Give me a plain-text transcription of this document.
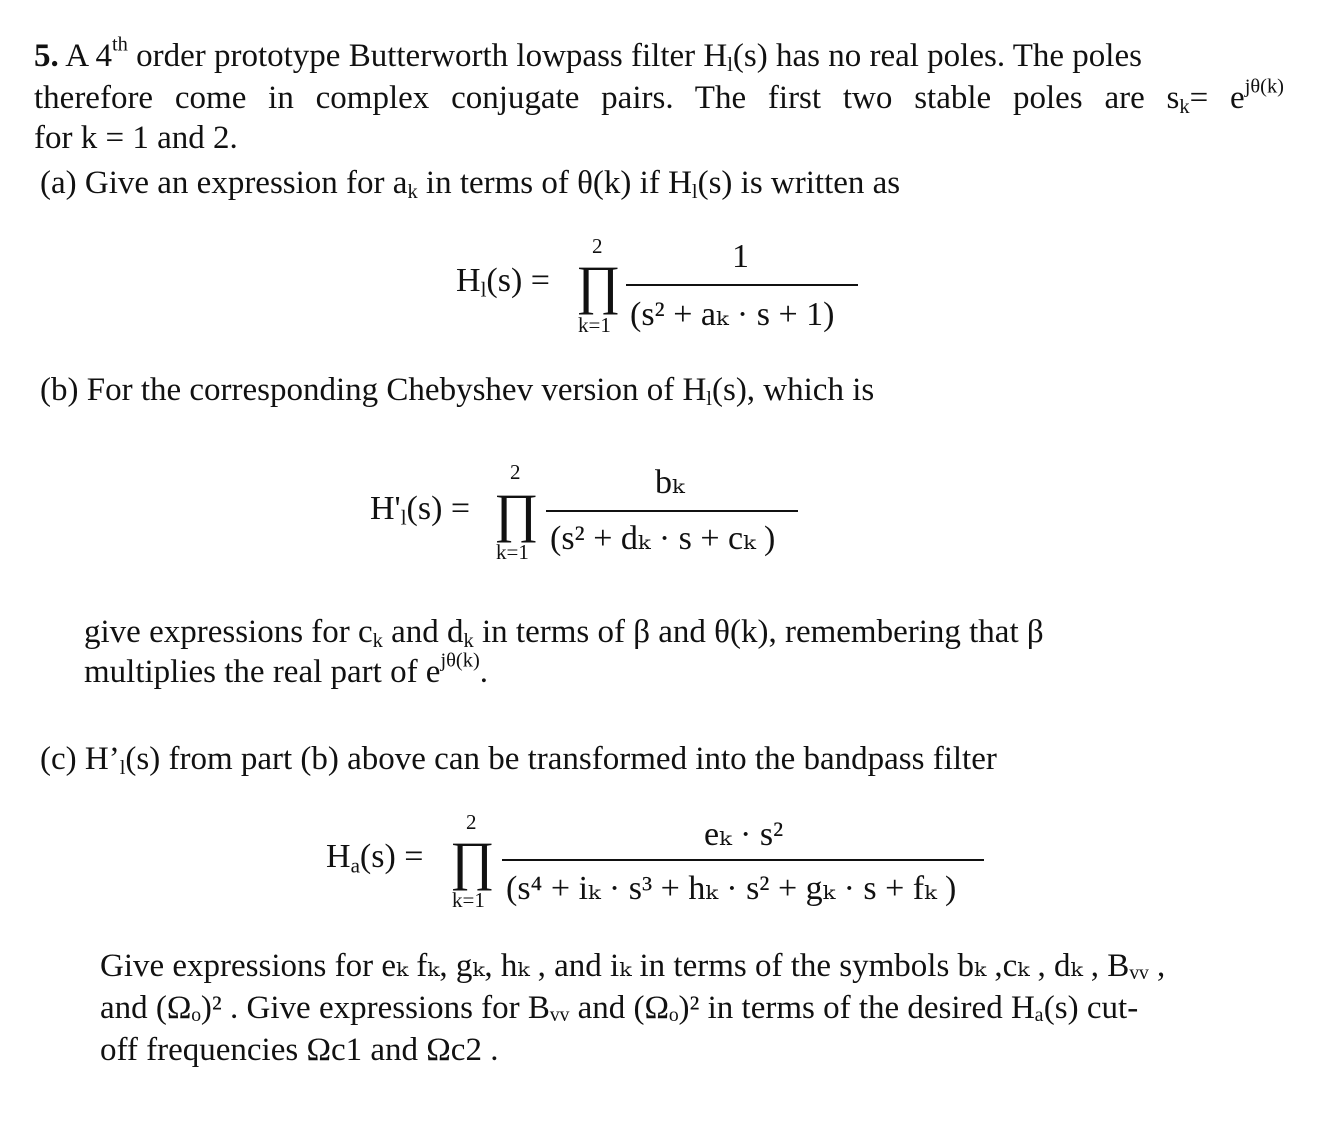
5. A 4th order prototype Butterworth lowpass filter $H_l(s)$ has no real poles. The poles
therefore come in complex conjugate pairs. The first two stable poles are $s_k= e^{j\theta(k)}$
for k = 1 and 2.
(a) Give an expression for $a_k$ in terms of θ(k) if $H_l(s)$ is written as
$H_l(s)$ =
2
∏
k=1
1
(s² + aₖ · s + 1)
(b) For the corresponding Chebyshev version of $H_l(s)$, which is
$H'_l(s)$ =
2
∏
k=1
bₖ
(s² + dₖ · s + cₖ )
give expressions for $c_k$ and $d_k$ in terms of β and θ(k), remembering that β
multiplies the real part of $e^{j\theta(k)}$.
(c) $H’_l(s)$ from part (b) above can be transformed into the bandpass filter
$H_a(s)$ =
2
∏
k=1
eₖ · s²
(s⁴ + iₖ · s³ + hₖ · s² + gₖ · s + fₖ )
Give expressions for eₖ fₖ, gₖ, hₖ , and iₖ in terms of the symbols bₖ ,cₖ , dₖ , Bᵥᵥ ,
and (Ωₒ)² . Give expressions for Bᵥᵥ and (Ωₒ)² in terms of the desired Hₐ(s) cut-
off frequencies Ωc1 and Ωc2 .
